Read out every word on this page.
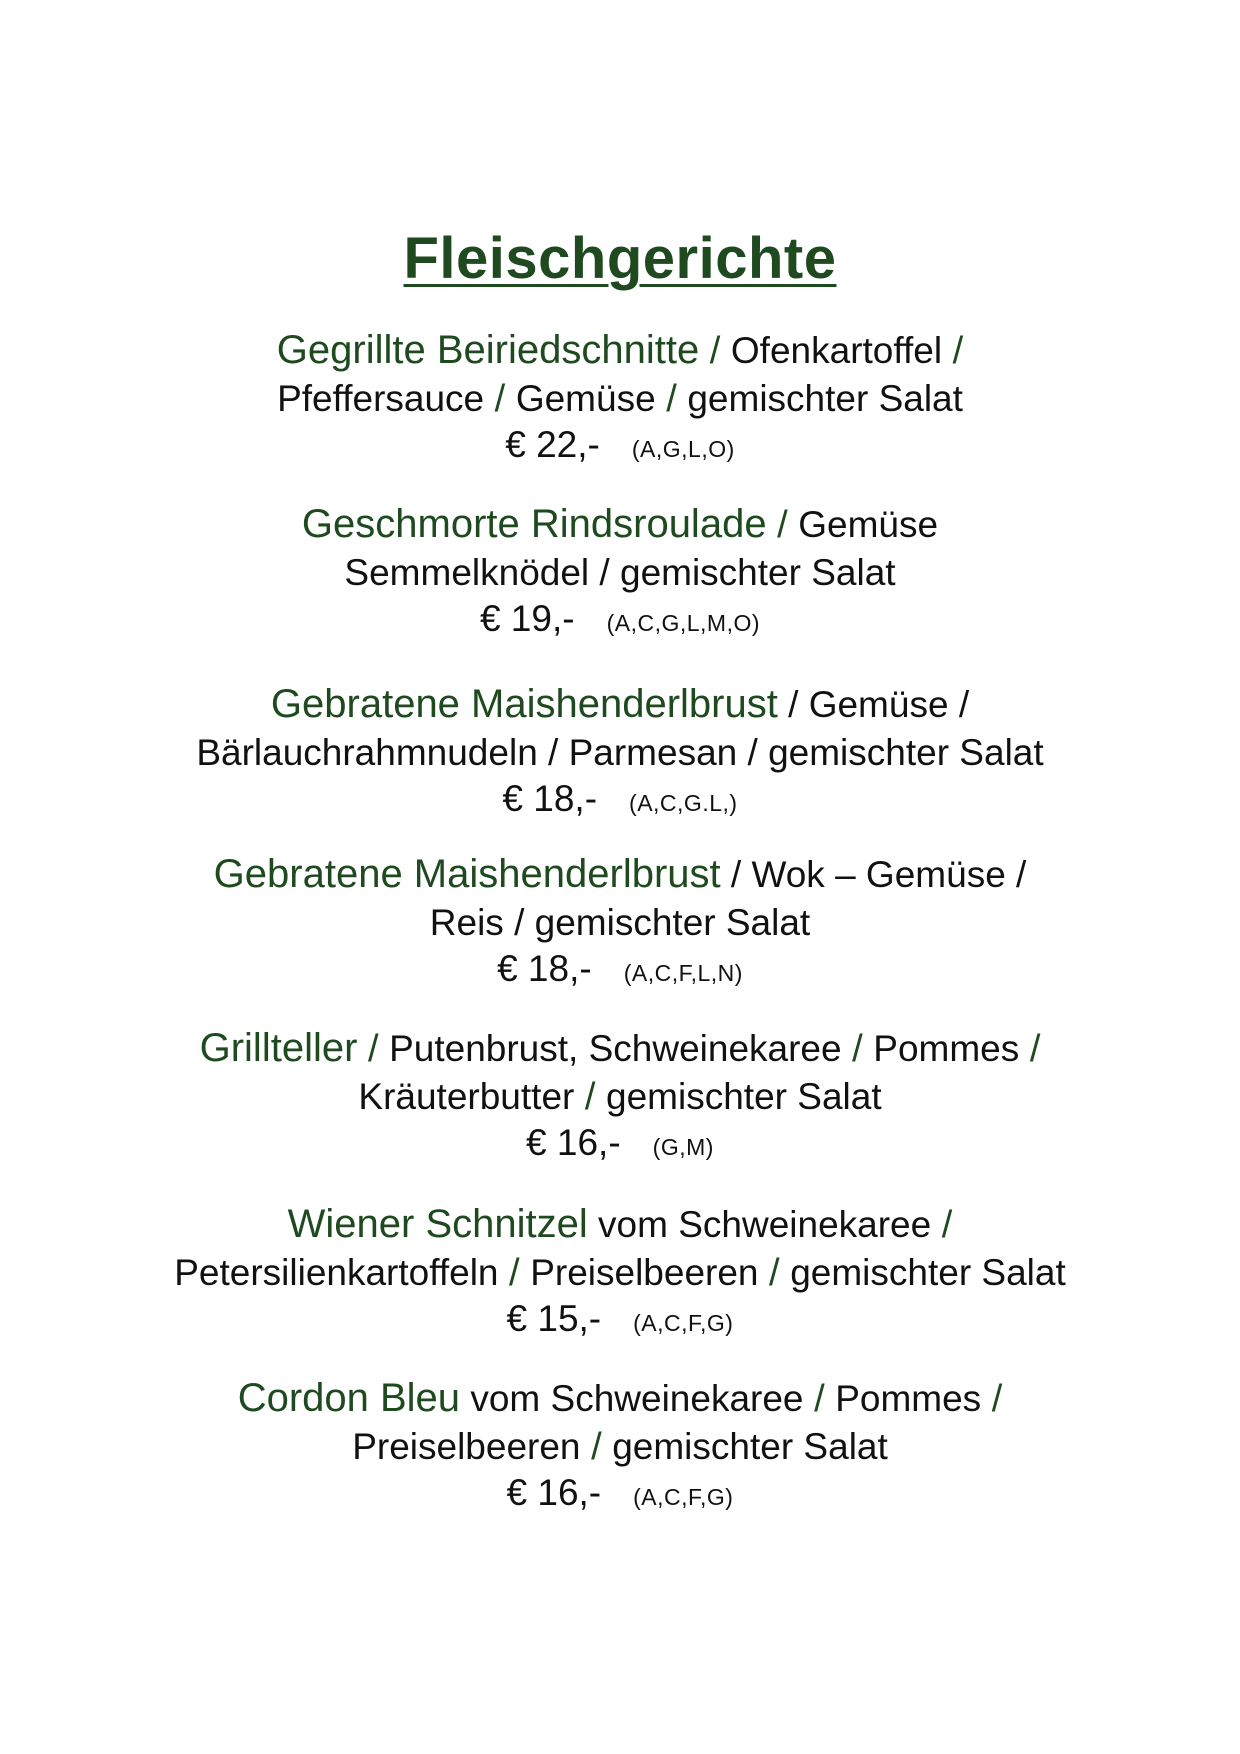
Fleischgerichte
Gegrillte Beiriedschnitte / Ofenkartoffel /
Pfeffersauce / Gemüse / gemischter Salat
€ 22,- (A,G,L,O)
Geschmorte Rindsroulade / Gemüse
Semmelknödel / gemischter Salat
€ 19,- (A,C,G,L,M,O)
Gebratene Maishenderlbrust / Gemüse /
Bärlauchrahmnudeln / Parmesan / gemischter Salat
€ 18,- (A,C,G.L,)
Gebratene Maishenderlbrust / Wok – Gemüse /
Reis / gemischter Salat
€ 18,- (A,C,F,L,N)
Grillteller / Putenbrust, Schweinekaree / Pommes /
Kräuterbutter / gemischter Salat
€ 16,- (G,M)
Wiener Schnitzel vom Schweinekaree /
Petersilienkartoffeln / Preiselbeeren / gemischter Salat
€ 15,- (A,C,F,G)
Cordon Bleu vom Schweinekaree / Pommes /
Preiselbeeren / gemischter Salat
€ 16,- (A,C,F,G)
